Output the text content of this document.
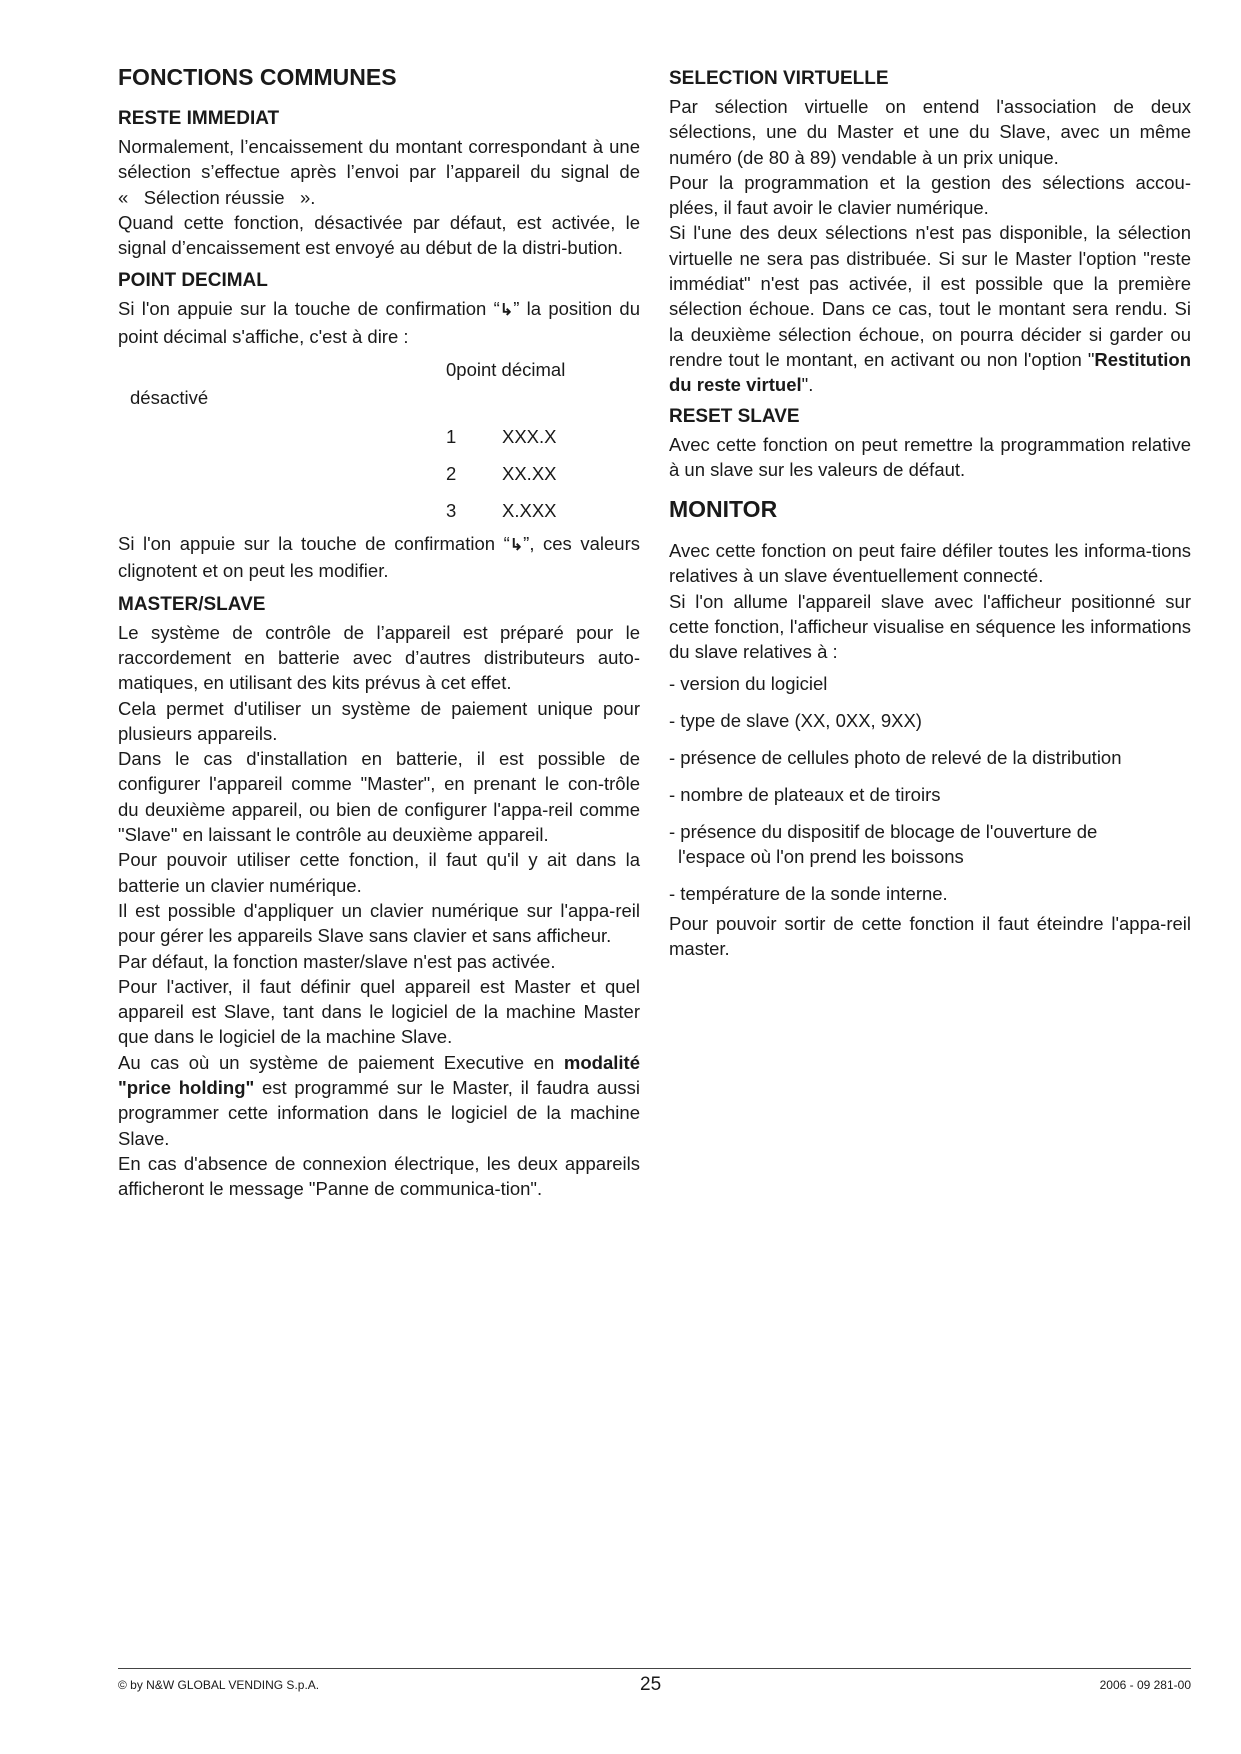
FONCTIONS COMMUNES
RESTE IMMEDIAT

Normalement, l’encaissement du montant correspondant à une sélection s’effectue après l’envoi par l’appareil du signal de «   Sélection réussie   ».

Quand cette fonction, désactivée par défaut, est activée, le signal d’encaissement est envoyé au début de la distri-bution.

POINT DECIMAL

Si l'on appuie sur la touche de confirmation “↳” la position du point décimal s'affiche, c'est à dire :

0 point décimal
désactivé
1	XXX.X
2	XX.XX
3	X.XXX

Si l'on appuie sur la touche de confirmation “↳”, ces valeurs clignotent et on peut les modifier.

MASTER/SLAVE

Le système de contrôle de l’appareil est préparé pour le raccordement en batterie avec d’autres distributeurs auto-matiques, en utilisant des kits prévus à cet effet.

Cela permet d'utiliser un système de paiement unique pour plusieurs appareils.

Dans le cas d'installation en batterie, il est possible de configurer l'appareil comme "Master", en prenant le con-trôle du deuxième appareil, ou bien de configurer l'appa-reil comme "Slave" en laissant le contrôle au deuxième appareil.

Pour pouvoir utiliser cette fonction, il faut qu'il y ait dans la batterie un clavier numérique.

Il est possible d'appliquer un clavier numérique sur l'appa-reil pour gérer les appareils Slave sans clavier et sans afficheur.

Par défaut, la fonction master/slave n'est pas activée.

Pour l'activer, il faut définir quel appareil est Master et quel appareil est Slave, tant dans le logiciel de la machine Master que dans le logiciel de la machine Slave.

Au cas où un système de paiement Executive en modalité "price holding" est programmé sur le Master, il faudra aussi programmer cette information dans le logiciel de la machine Slave.

En cas d'absence de connexion électrique, les deux appareils afficheront le message "Panne de communica-tion".

SELECTION VIRTUELLE

Par sélection virtuelle on entend l'association de deux sélections, une du Master et une du Slave, avec un même numéro (de 80 à 89) vendable à un prix unique.

Pour la programmation et la gestion des sélections accou-plées, il faut avoir le clavier numérique.

Si l'une des deux sélections n'est pas disponible, la sélection virtuelle ne sera pas distribuée. Si sur le Master l'option "reste immédiat" n'est pas activée, il est possible que la première sélection échoue. Dans ce cas, tout le montant sera rendu. Si la deuxième sélection échoue, on pourra décider si garder ou rendre tout le montant, en activant ou non l'option "Restitution du reste virtuel".

RESET SLAVE

Avec cette fonction on peut remettre la programmation relative à un slave sur les valeurs de défaut.

MONITOR

Avec cette fonction on peut faire défiler toutes les informa-tions relatives à un slave éventuellement connecté.

Si l'on allume l'appareil slave avec l'afficheur positionné sur cette fonction, l'afficheur visualise en séquence les informations du slave relatives à :

- version du logiciel

- type de slave (XX, 0XX, 9XX)

- présence de cellules photo de relevé de la distribution

- nombre de plateaux et de tiroirs

- présence du dispositif de blocage de l'ouverture de

l'espace où l'on prend les boissons

- température de la sonde interne.

Pour pouvoir sortir de cette fonction il faut éteindre l'appa-reil master.

© by N&W GLOBAL VENDING S.p.A.	25	2006 - 09 281-00
